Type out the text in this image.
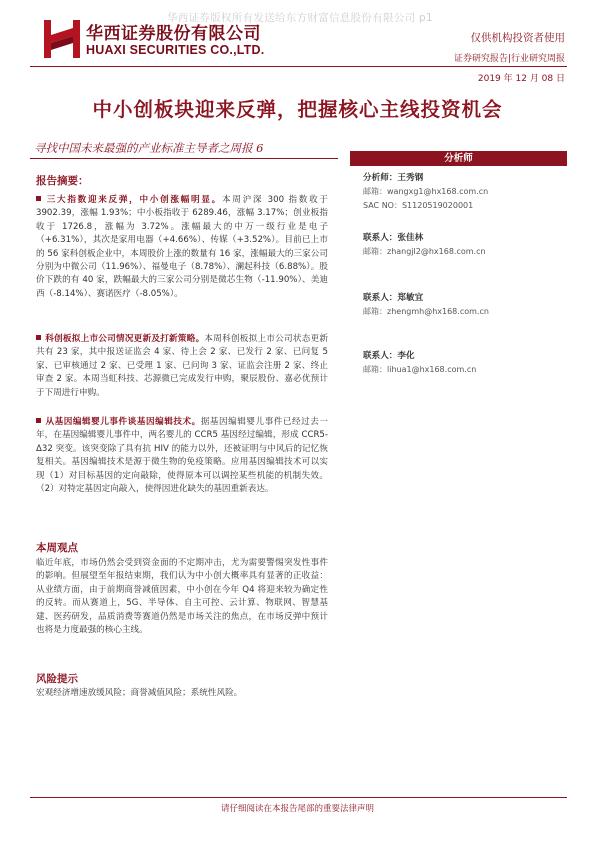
华西证券版权所有发送给东方财富信息股份有限公司 p1
华西证券股份有限公司
HUAXI SECURITIES CO.,LTD.
仅供机构投资者使用
证券研究报告|行业研究周报
2019 年 12 月 08 日
中小创板块迎来反弹，把握核心主线投资机会
寻找中国未来最强的产业标准主导者之周报 6
报告摘要：
三大指数迎来反弹，中小创涨幅明显。本周沪深 300 指数收于 3902.39，涨幅 1.93%；中小板指收于 6289.46，涨幅 3.17%；创业板指收于 1726.8，涨幅为 3.72%。涨幅最大的中万一级行业是电子（+6.31%），其次是家用电器（+4.66%）、传媒（+3.52%）。目前已上市的 56 家科创板企业中，本周股价上涨的数量有 16 家，涨幅最大的三家公司分别为中微公司（11.96%）、福曼电子（8.78%）、澜起科技（6.88%）。股价下跌的有 40 家，跌幅最大的三家公司分别是微芯生物（-11.90%）、美迪西（-8.14%）、赛诺医疗（-8.05%）。
科创板拟上市公司情况更新及打新策略。本周科创板拟上市公司状态更新共有 23 家，其中报送证监会 4 家、待上会 2 家、已发行 2 家、已问复 5 家、已审核通过 2 家、已受理 1 家、已问询 3 家、证监会注册 2 家、终止审查 2 家。本周当虹科技、芯源微已完成发行申购，聚辰股份、嘉必优预计于下周进行申购。
从基因编辑婴儿事件谈基因编辑技术。据基因编辑婴儿事件已经过去一年，在基因编辑婴儿事件中，两名婴儿的 CCR5 基因经过编辑，形成 CCR5-Δ32 突变。该突变除了具有抗 HIV 的能力以外，还被证明与中风后的记忆恢复相关。基因编辑技术是源于微生物的免疫策略。应用基因编辑技术可以实现（1）对目标基因的定向敲除，使得原本可以调控某些机能的机制失效。（2）对特定基因定向敲入，使得因进化缺失的基因重新表达。
本周观点
临近年底，市场仍然会受到资金面的不定期冲击，尤为需要警惕突发性事件的影响。但展望至年报结束期，我们认为中小创大概率具有显著的正收益：从业绩方面，由于前期商誉减值因素，中小创在今年 Q4 将迎来较为确定性的反转。而从赛道上，5G、半导体、自主可控、云计算、物联网、智慧基建、医药研发，品质消费等赛道仍然是市场关注的焦点，在市场反弹中预计也将是力度最强的核心主线。
风险提示
宏观经济增速放缓风险；商誉减值风险；系统性风险。
分析师
分析师：王秀钢
邮箱：wangxg1@hx168.com.cn
SAC NO：S1120519020001
联系人：张佳林
邮箱：zhangjl2@hx168.com.cn
联系人：郑敏宜
邮箱：zhengmh@hx168.com.cn
联系人：李化
邮箱：lihua1@hx168.com.cn
请仔细阅读在本报告尾部的重要法律声明
